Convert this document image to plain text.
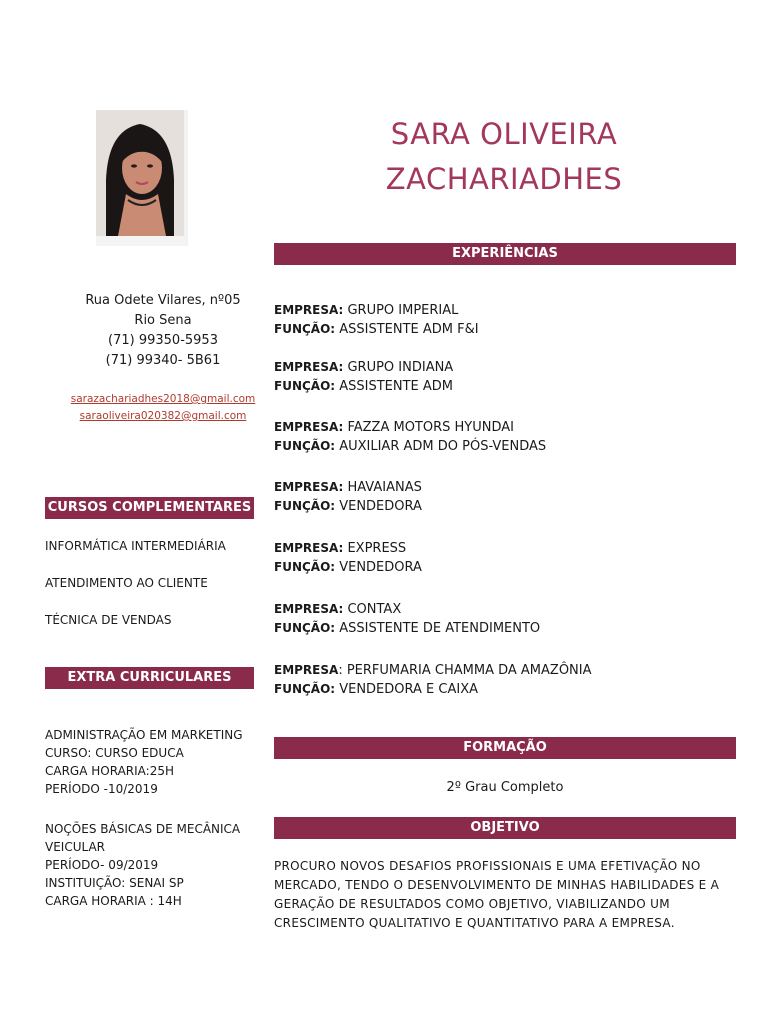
SARA OLIVEIRA
ZACHARIADHES
Rua Odete Vilares, nº05
Rio Sena
(71) 99350-5953
(71) 99340- 5B61
sarazachariadhes2018@gmail.com
saraoliveira020382@gmail.com
EXPERIÊNCIAS
CURSOS COMPLEMENTARES
EXTRA CURRICULARES
FORMAÇÃO
OBJETIVO
INFORMÁTICA INTERMEDIÁRIA
ATENDIMENTO AO CLIENTE
TÉCNICA DE VENDAS
ADMINISTRAÇÃO EM MARKETING
CURSO: CURSO EDUCA
CARGA HORARIA:25H
PERÍODO -10/2019
NOÇÕES BÁSICAS DE MECÂNICA
VEICULAR
PERÍODO- 09/2019
INSTITUIÇÃO: SENAI SP
CARGA HORARIA : 14H
EMPRESA: GRUPO IMPERIAL
FUNÇÃO: ASSISTENTE ADM F&I
EMPRESA: GRUPO INDIANA
FUNÇÃO: ASSISTENTE ADM
EMPRESA: FAZZA MOTORS HYUNDAI
FUNÇÃO: AUXILIAR ADM DO PÓS-VENDAS
EMPRESA: HAVAIANAS
FUNÇÃO: VENDEDORA
EMPRESA: EXPRESS
FUNÇÃO: VENDEDORA
EMPRESA: CONTAX
FUNÇÃO: ASSISTENTE DE ATENDIMENTO
EMPRESA: PERFUMARIA CHAMMA DA AMAZÔNIA
FUNÇÃO: VENDEDORA E CAIXA
2º Grau Completo
PROCURO NOVOS DESAFIOS PROFISSIONAIS E UMA EFETIVAÇÃO NO
MERCADO, TENDO O DESENVOLVIMENTO DE MINHAS HABILIDADES E A
GERAÇÃO DE RESULTADOS COMO OBJETIVO, VIABILIZANDO UM
CRESCIMENTO QUALITATIVO E QUANTITATIVO PARA A EMPRESA.
